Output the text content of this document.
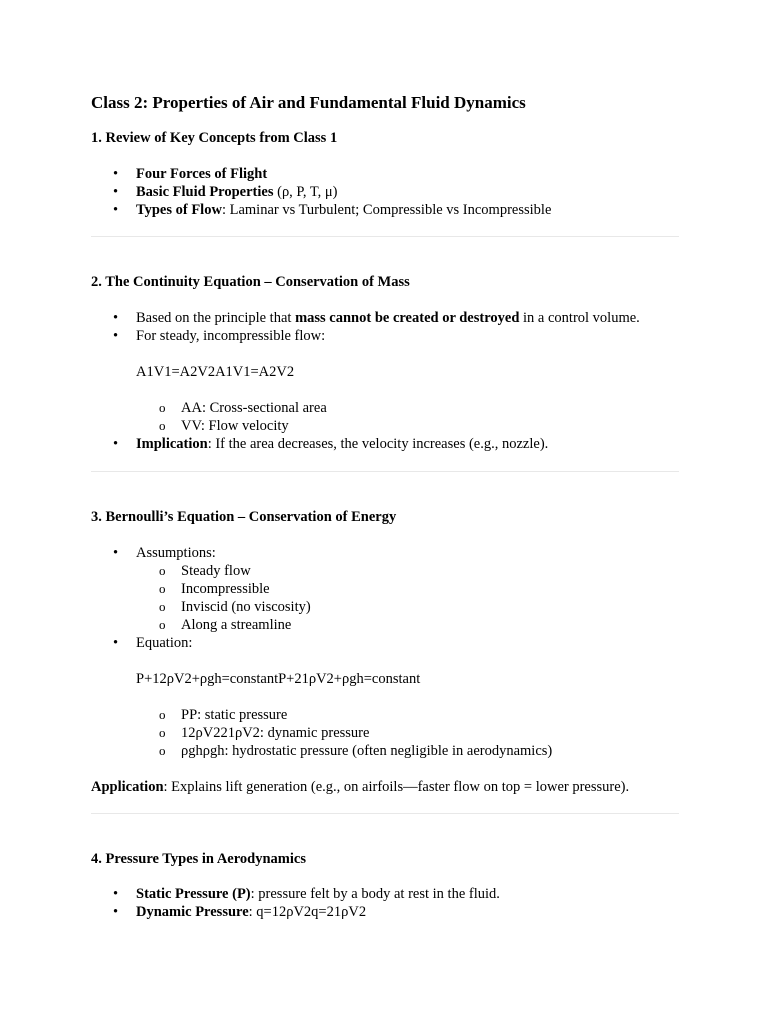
Class 2: Properties of Air and Fundamental Fluid Dynamics
1. Review of Key Concepts from Class 1
• Four Forces of Flight
• Basic Fluid Properties (ρ, P, T, μ)
• Types of Flow: Laminar vs Turbulent; Compressible vs Incompressible
2. The Continuity Equation – Conservation of Mass
• Based on the principle that mass cannot be created or destroyed in a control volume.
• For steady, incompressible flow:

A1V1=A2V2A1V1=A2V2

o AA: Cross-sectional area
o VV: Flow velocity
• Implication: If the area decreases, the velocity increases (e.g., nozzle).
3. Bernoulli’s Equation – Conservation of Energy
• Assumptions:
o Steady flow
o Incompressible
o Inviscid (no viscosity)
o Along a streamline
• Equation:

P+12ρV2+ρgh=constantP+21ρV2+ρgh=constant

o PP: static pressure
o 12ρV221ρV2: dynamic pressure
o ρghρgh: hydrostatic pressure (often negligible in aerodynamics)

Application: Explains lift generation (e.g., on airfoils—faster flow on top = lower pressure).

4. Pressure Types in Aerodynamics
• Static Pressure (P): pressure felt by a body at rest in the fluid.
• Dynamic Pressure: q=12ρV2q=21ρV2
